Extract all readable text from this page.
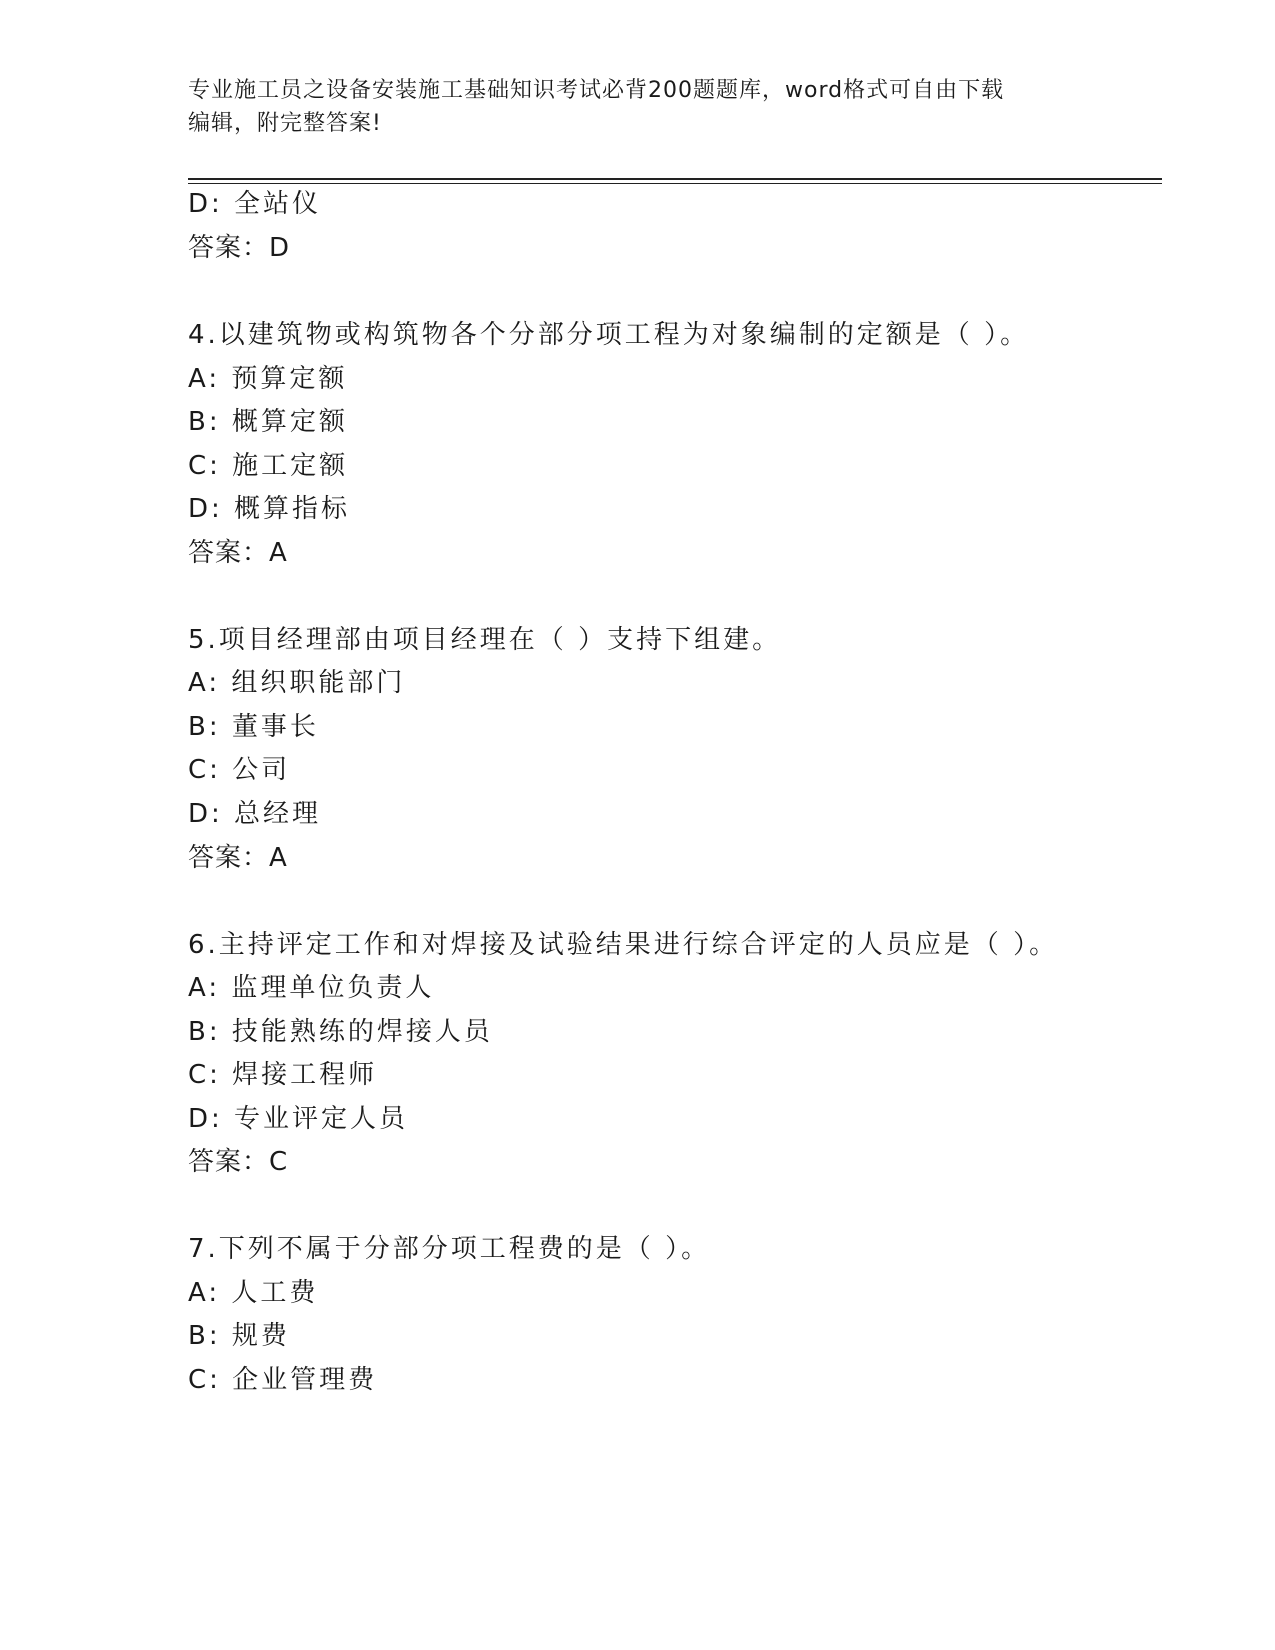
专业施工员之设备安装施工基础知识考试必背200题题库，word格式可自由下载
编辑，附完整答案!
D: 全站仪
答案：D
4.以建筑物或构筑物各个分部分项工程为对象编制的定额是（ ）。
A: 预算定额
B: 概算定额
C: 施工定额
D: 概算指标
答案：A
5.项目经理部由项目经理在（ ）支持下组建。
A: 组织职能部门
B: 董事长
C: 公司
D: 总经理
答案：A
6.主持评定工作和对焊接及试验结果进行综合评定的人员应是（ ）。
A: 监理单位负责人
B: 技能熟练的焊接人员
C: 焊接工程师
D: 专业评定人员
答案：C
7.下列不属于分部分项工程费的是（ ）。
A: 人工费
B: 规费
C: 企业管理费
